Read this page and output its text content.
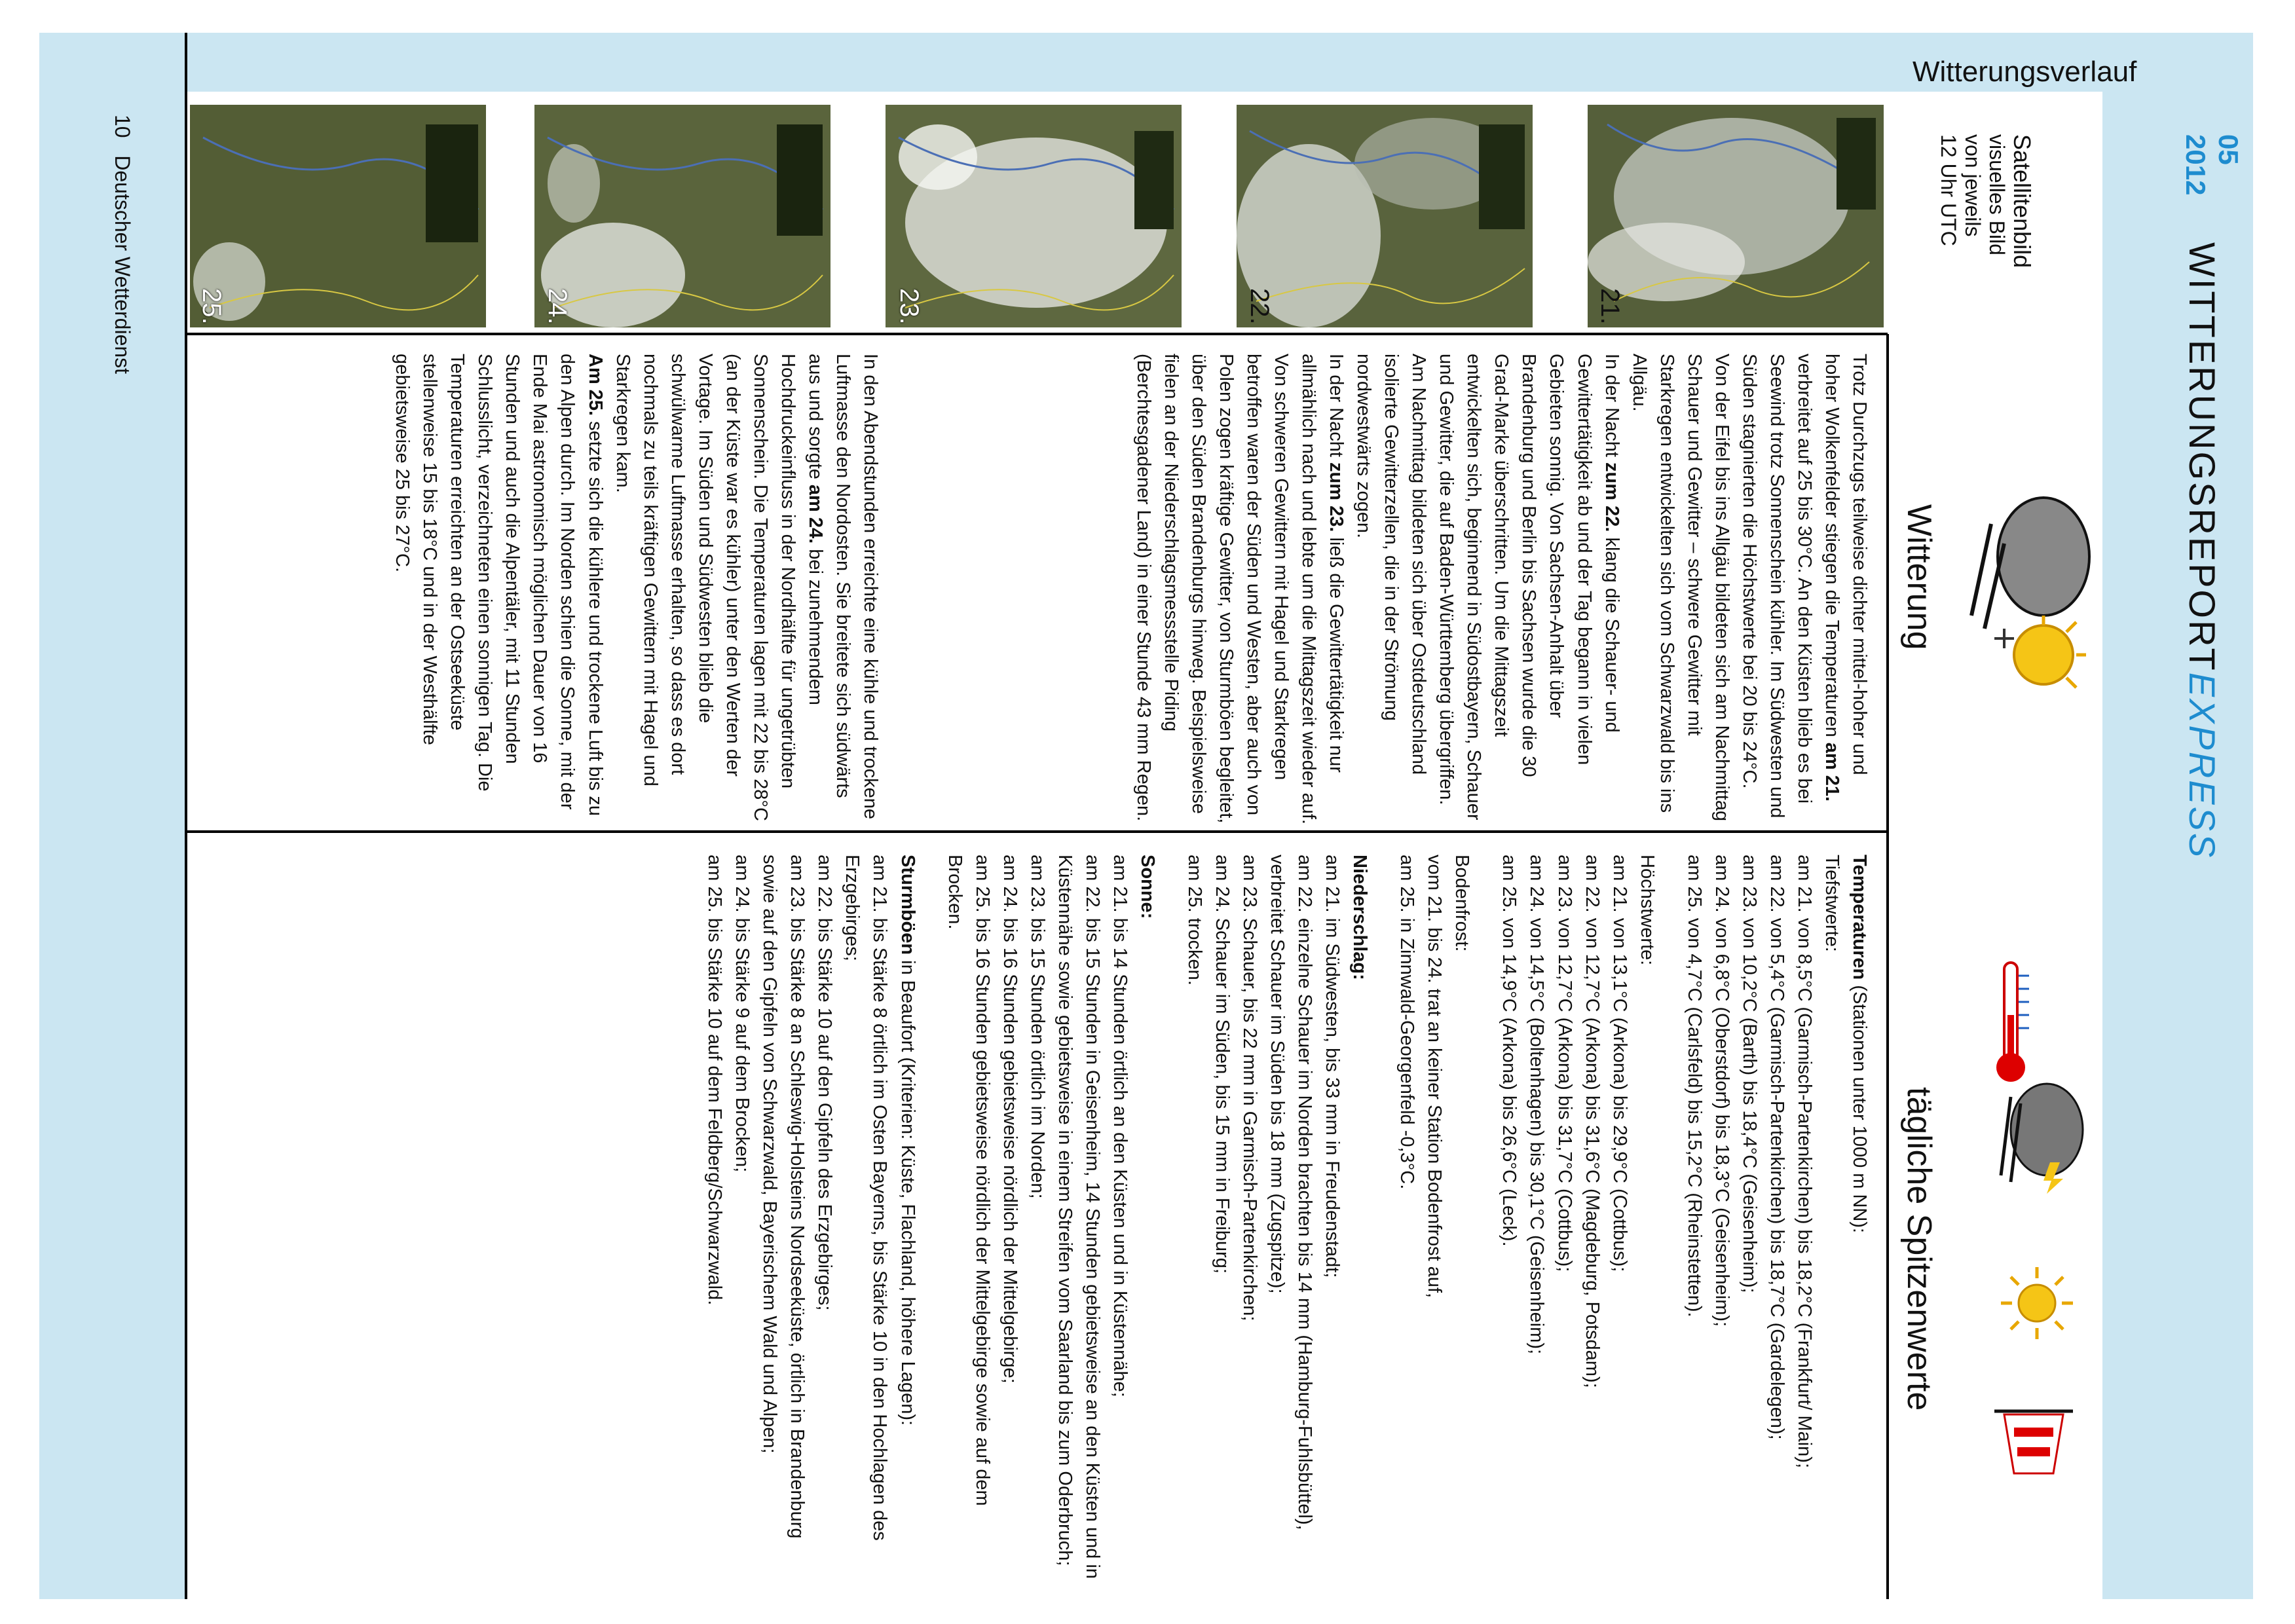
Witterungsverlauf
10   Deutscher Wetterdienst
05
2012
WITTERUNGSREPORTEXPRESS
Satellitenbild
visuelles Bild
von jeweils
12 Uhr UTC
21.
22.
23.
24.
25.
Witterung

Trotz Durchzugs teilweise dichter mittel-hoher und hoher Wolkenfelder stiegen die Temperaturen am 21. verbreitet auf 25 bis 30°C. An den Küsten blieb es bei Seewind trotz Sonnenschein kühler. Im Südwesten und Süden stagnierten die Höchstwerte bei 20 bis 24°C. Von der Eifel bis ins Allgäu bildeten sich am Nachmittag Schauer und Gewitter – schwere Gewitter mit Starkregen entwickelten sich vom Schwarzwald bis ins Allgäu.

In der Nacht zum 22. klang die Schauer- und Gewittertätigkeit ab und der Tag begann in vielen Gebieten sonnig. Von Sachsen-Anhalt über Brandenburg und Berlin bis Sachsen wurde die 30 Grad-Marke überschritten. Um die Mittagszeit entwickelten sich, beginnend in Südostbayern, Schauer und Gewitter, die auf Baden-Württemberg übergriffen. Am Nachmittag bildeten sich über Ostdeutschland isolierte Gewitterzellen, die in der Strömung nordwestwärts zogen.

In der Nacht zum 23. ließ die Gewittertätigkeit nur allmählich nach und lebte um die Mittagszeit wieder auf. Von schweren Gewittern mit Hagel und Starkregen betroffen waren der Süden und Westen, aber auch von Polen zogen kräftige Gewitter, von Sturmböen begleitet, über den Süden Brandenburgs hinweg. Beispielsweise fielen an der Niederschlagsmessstelle Piding (Berchtesgadener Land) in einer Stunde 43 mm Regen.

In den Abendstunden erreichte eine kühle und trockene Luftmasse den Nordosten. Sie breitete sich südwärts aus und sorgte am 24. bei zunehmendem Hochdruckeinfluss in der Nordhälfte für ungetrübten Sonnenschein. Die Temperaturen lagen mit 22 bis 28°C (an der Küste war es kühler) unter den Werten der Vortage. Im Süden und Südwesten blieb die schwülwarme Luftmasse erhalten, so dass es dort nochmals zu teils kräftigen Gewittern mit Hagel und Starkregen kam.

Am 25. setzte sich die kühlere und trockene Luft bis zu den Alpen durch. Im Norden schien die Sonne, mit der Ende Mai astronomisch möglichen Dauer von 16 Stunden und auch die Alpentäler, mit 11 Stunden Schlusslicht, verzeichneten einen sonnigen Tag. Die Temperaturen erreichten an der Ostseeküste stellenweise 15 bis 18°C und in der Westhälfte gebietsweise 25 bis 27°C.

tägliche Spitzenwerte
Temperaturen (Stationen unter 1000 m NN):
Tiefstwerte:
am 21. von 8,5°C (Garmisch-Partenkirchen) bis 18,2°C (Frankfurt/ Main);
am 22. von 5,4°C (Garmisch-Partenkirchen) bis 18,7°C (Gardelegen);
am 23. von 10,2°C (Barth) bis 18,4°C (Geisenheim);
am 24. von 6,8°C (Oberstdorf) bis 18,3°C (Geisenheim);
am 25. von 4,7°C (Carlsfeld) bis 15,2°C (Rheinstetten).
Höchstwerte:
am 21. von 13,1°C (Arkona) bis 29,9°C (Cottbus);
am 22. von 12,7°C (Arkona) bis 31,6°C (Magdeburg, Potsdam);
am 23. von 12,7°C (Arkona) bis 31,7°C (Cottbus);
am 24. von 14,5°C (Boltenhagen) bis 30,1°C (Geisenheim);
am 25. von 14,9°C (Arkona) bis 26,6°C (Leck).
Bodenfrost:
vom 21. bis 24. trat an keiner Station Bodenfrost auf,
am 25. in Zinnwald-Georgenfeld -0,3°C.
Niederschlag:
am 21. im Südwesten, bis 33 mm in Freudenstadt;
am 22. einzelne Schauer im Norden brachten bis 14 mm (Hamburg-Fuhlsbüttel), verbreitet Schauer im Süden bis 18 mm (Zugspitze);
am 23. Schauer, bis 22 mm in Garmisch-Partenkirchen;
am 24. Schauer im Süden, bis 15 mm in Freiburg;
am 25. trocken.
Sonne:
am 21. bis 14 Stunden örtlich an den Küsten und in Küstennähe;
am 22. bis 15 Stunden in Geisenheim, 14 Stunden gebietsweise an den Küsten und in Küstennähe sowie gebietsweise in einem Streifen vom Saarland bis zum Oderbruch;
am 23. bis 15 Stunden örtlich im Norden;
am 24. bis 16 Stunden gebietsweise nördlich der Mittelgebirge;
am 25. bis 16 Stunden gebietsweise nördlich der Mittelgebirge sowie auf dem Brocken.
Sturmböen in Beaufort (Kriterien: Küste, Flachland, höhere Lagen):
am 21. bis Stärke 8 örtlich im Osten Bayerns, bis Stärke 10 in den Hochlagen des Erzgebirges;
am 22. bis Stärke 10 auf den Gipfeln des Erzgebirges;
am 23. bis Stärke 8 an Schleswig-Holsteins Nordseeküste, örtlich in Brandenburg sowie auf den Gipfeln von Schwarzwald, Bayerischem Wald und Alpen;
am 24. bis Stärke 9 auf dem Brocken;
am 25. bis Stärke 10 auf dem Feldberg/Schwarzwald.
